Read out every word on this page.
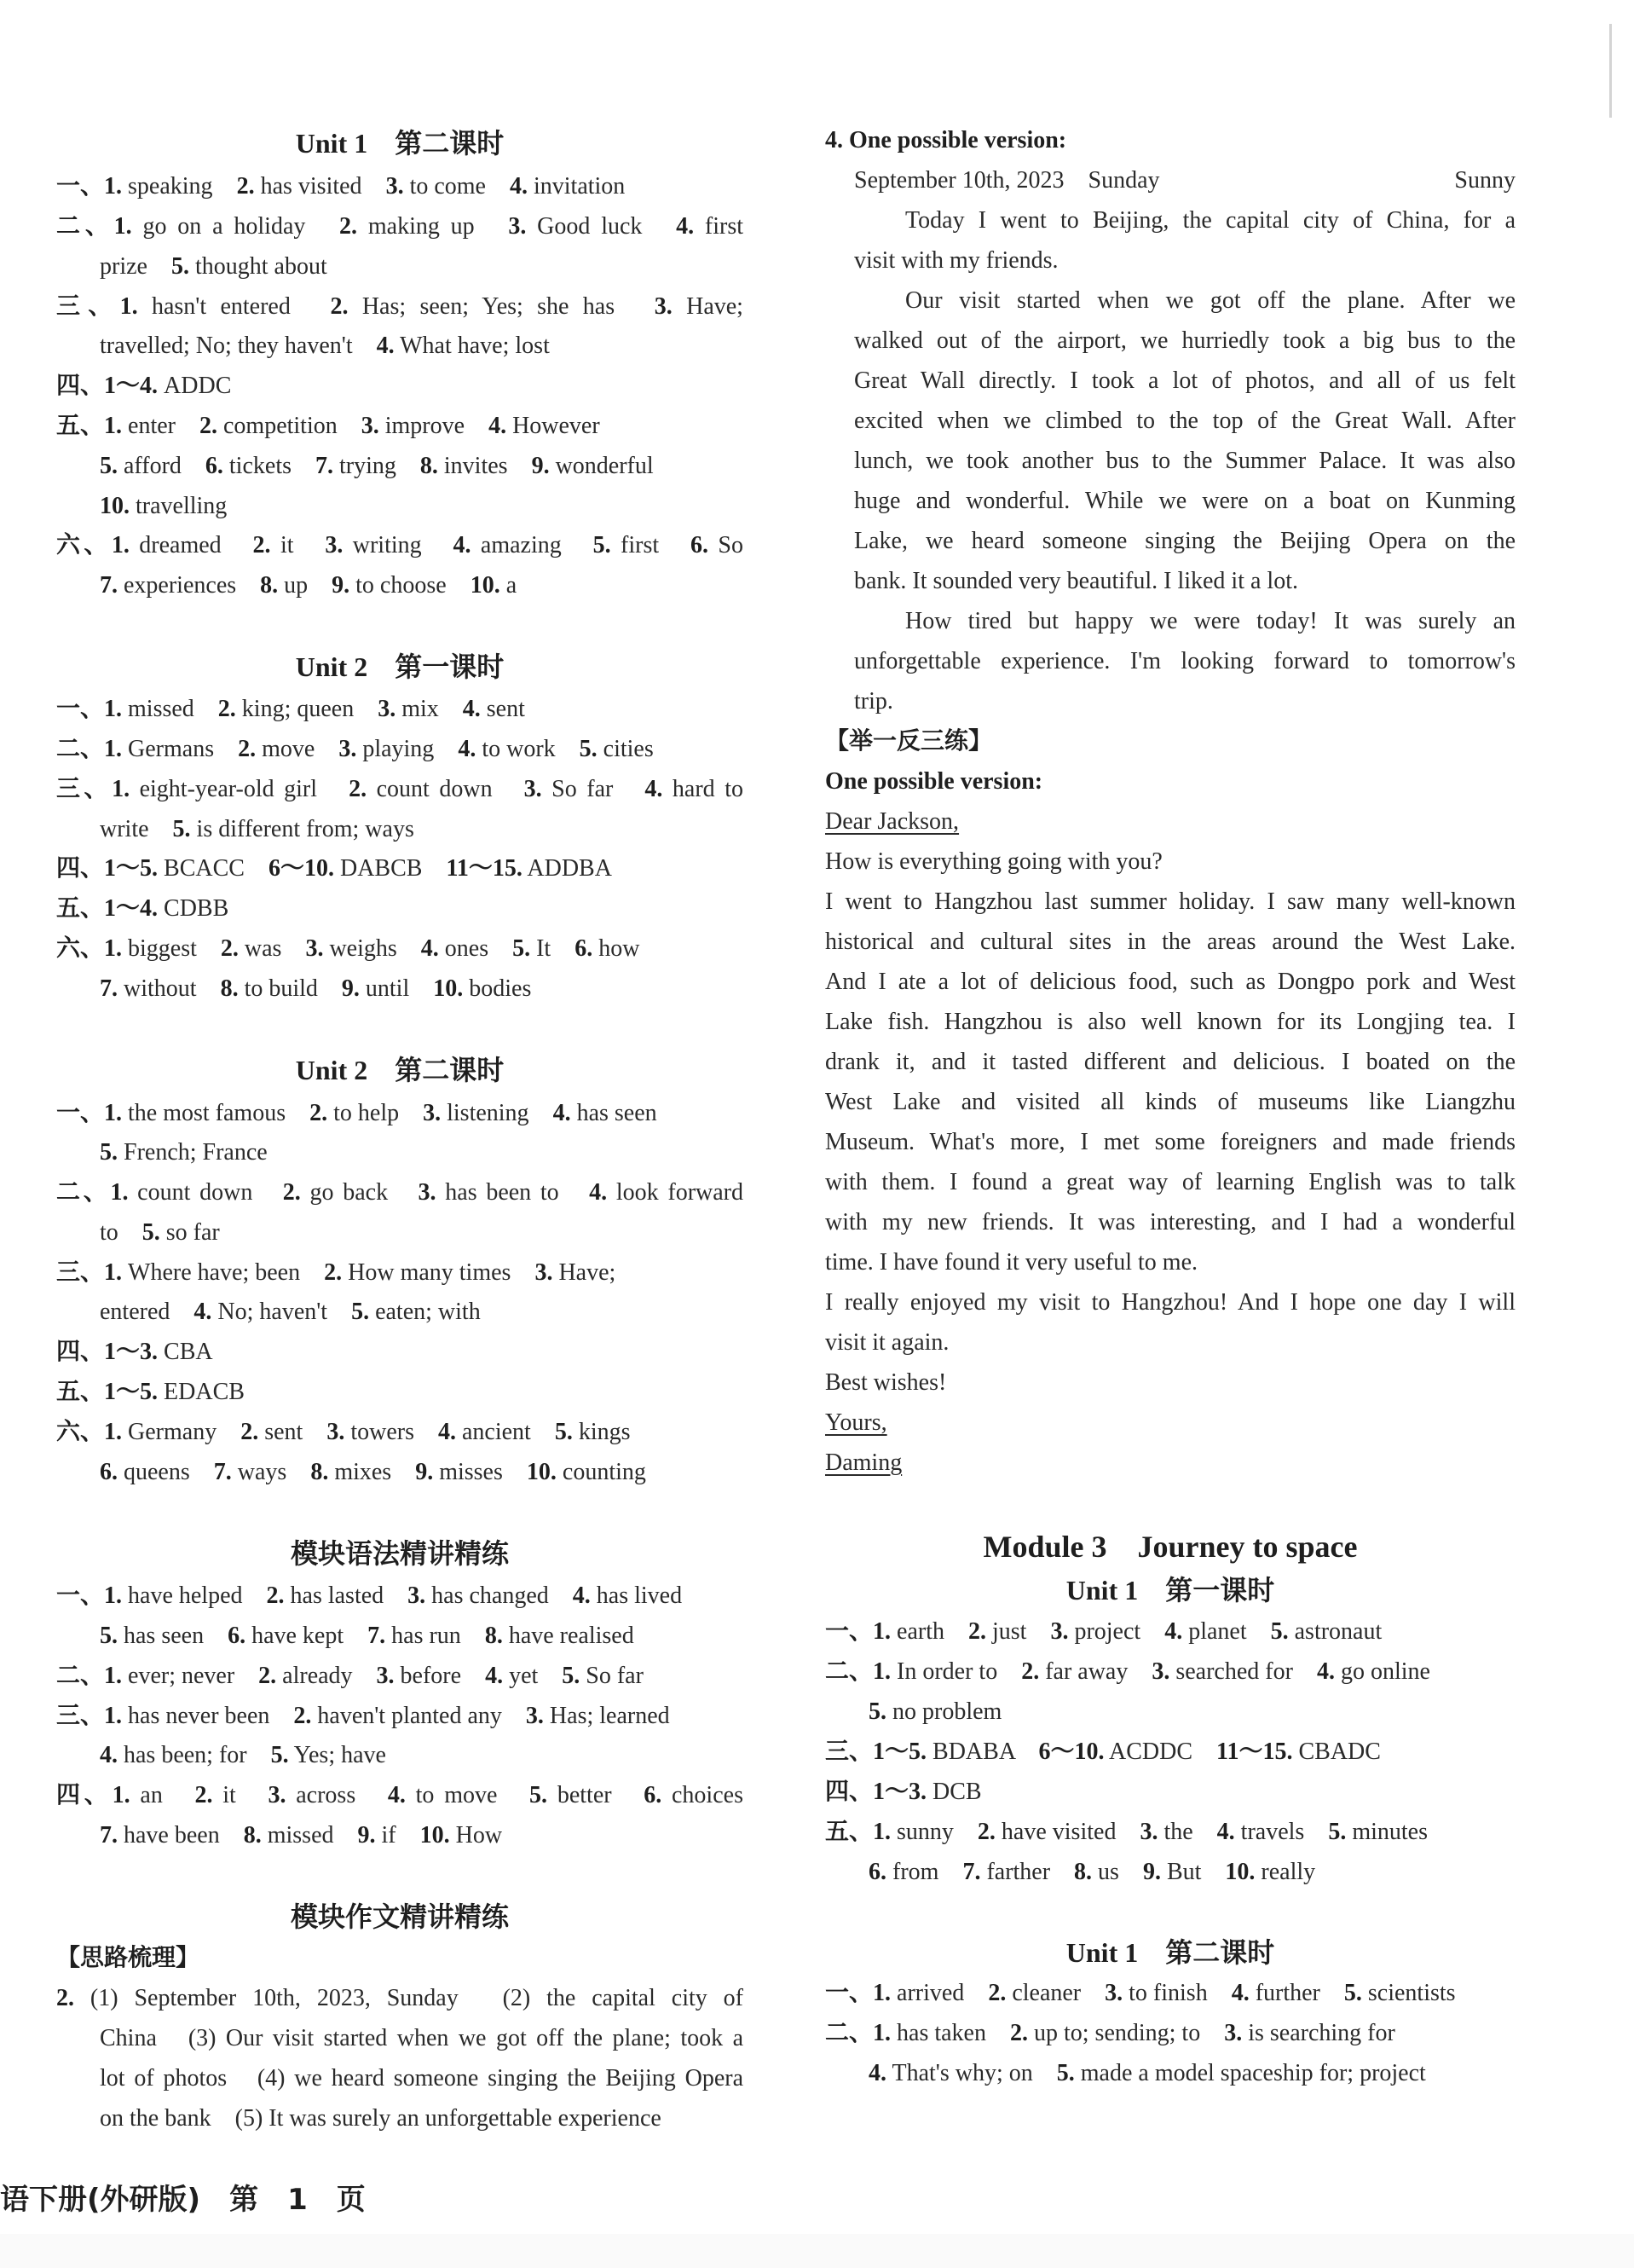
Unit 1　第二课时
一、1. speaking　2. has visited　3. to come　4. invitation
二、1. go on a holiday　2. making up　3. Good luck　4. first
prize　5. thought about
三、1. hasn't entered　2. Has; seen; Yes; she has　3. Have;
travelled; No; they haven't　4. What have; lost
四、1～4. ADDC
五、1. enter　2. competition　3. improve　4. However
5. afford　6. tickets　7. trying　8. invites　9. wonderful
10. travelling
六、1. dreamed　2. it　3. writing　4. amazing　5. first　6. So
7. experiences　8. up　9. to choose　10. a
Unit 2　第一课时
一、1. missed　2. king; queen　3. mix　4. sent
二、1. Germans　2. move　3. playing　4. to work　5. cities
三、1. eight-year-old girl　2. count down　3. So far　4. hard to
write　5. is different from; ways
四、1～5. BCACC　6～10. DABCB　11～15. ADDBA
五、1～4. CDBB
六、1. biggest　2. was　3. weighs　4. ones　5. It　6. how
7. without　8. to build　9. until　10. bodies
Unit 2　第二课时
一、1. the most famous　2. to help　3. listening　4. has seen
5. French; France
二、1. count down　2. go back　3. has been to　4. look forward
to　5. so far
三、1. Where have; been　2. How many times　3. Have;
entered　4. No; haven't　5. eaten; with
四、1～3. CBA
五、1～5. EDACB
六、1. Germany　2. sent　3. towers　4. ancient　5. kings
6. queens　7. ways　8. mixes　9. misses　10. counting
模块语法精讲精练
一、1. have helped　2. has lasted　3. has changed　4. has lived
5. has seen　6. have kept　7. has run　8. have realised
二、1. ever; never　2. already　3. before　4. yet　5. So far
三、1. has never been　2. haven't planted any　3. Has; learned
4. has been; for　5. Yes; have
四、1. an　2. it　3. across　4. to move　5. better　6. choices
7. have been　8. missed　9. if　10. How
模块作文精讲精练
【思路梳理】
2. (1) September 10th, 2023, Sunday　(2) the capital city of
China　(3) Our visit started when we got off the plane; took a
lot of photos　(4) we heard someone singing the Beijing Opera
on the bank　(5) It was surely an unforgettable experience
4. One possible version:
September 10th, 2023　Sunday	Sunny
Today I went to Beijing, the capital city of China, for a
visit with my friends.
Our visit started when we got off the plane. After we
walked out of the airport, we hurriedly took a big bus to the
Great Wall directly. I took a lot of photos, and all of us felt
excited when we climbed to the top of the Great Wall. After
lunch, we took another bus to the Summer Palace. It was also
huge and wonderful. While we were on a boat on Kunming
Lake, we heard someone singing the Beijing Opera on the
bank. It sounded very beautiful. I liked it a lot.
How tired but happy we were today! It was surely an
unforgettable experience. I'm looking forward to tomorrow's
trip.
【举一反三练】
One possible version:
Dear Jackson,
How is everything going with you?
I went to Hangzhou last summer holiday. I saw many well-known
historical and cultural sites in the areas around the West Lake.
And I ate a lot of delicious food, such as Dongpo pork and West
Lake fish. Hangzhou is also well known for its Longjing tea. I
drank it, and it tasted different and delicious. I boated on the
West Lake and visited all kinds of museums like Liangzhu
Museum. What's more, I met some foreigners and made friends
with them. I found a great way of learning English was to talk
with my new friends. It was interesting, and I had a wonderful
time. I have found it very useful to me.
I really enjoyed my visit to Hangzhou! And I hope one day I will
visit it again.
Best wishes!
Yours,
Daming
Module 3　Journey to space
Unit 1　第一课时
一、1. earth　2. just　3. project　4. planet　5. astronaut
二、1. In order to　2. far away　3. searched for　4. go online
5. no problem
三、1～5. BDABA　6～10. ACDDC　11～15. CBADC
四、1～3. DCB
五、1. sunny　2. have visited　3. the　4. travels　5. minutes
6. from　7. farther　8. us　9. But　10. really
Unit 1　第二课时
一、1. arrived　2. cleaner　3. to finish　4. further　5. scientists
二、1. has taken　2. up to; sending; to　3. is searching for
4. That's why; on　5. made a model spaceship for; project
语下册(外研版)　第　1　页
